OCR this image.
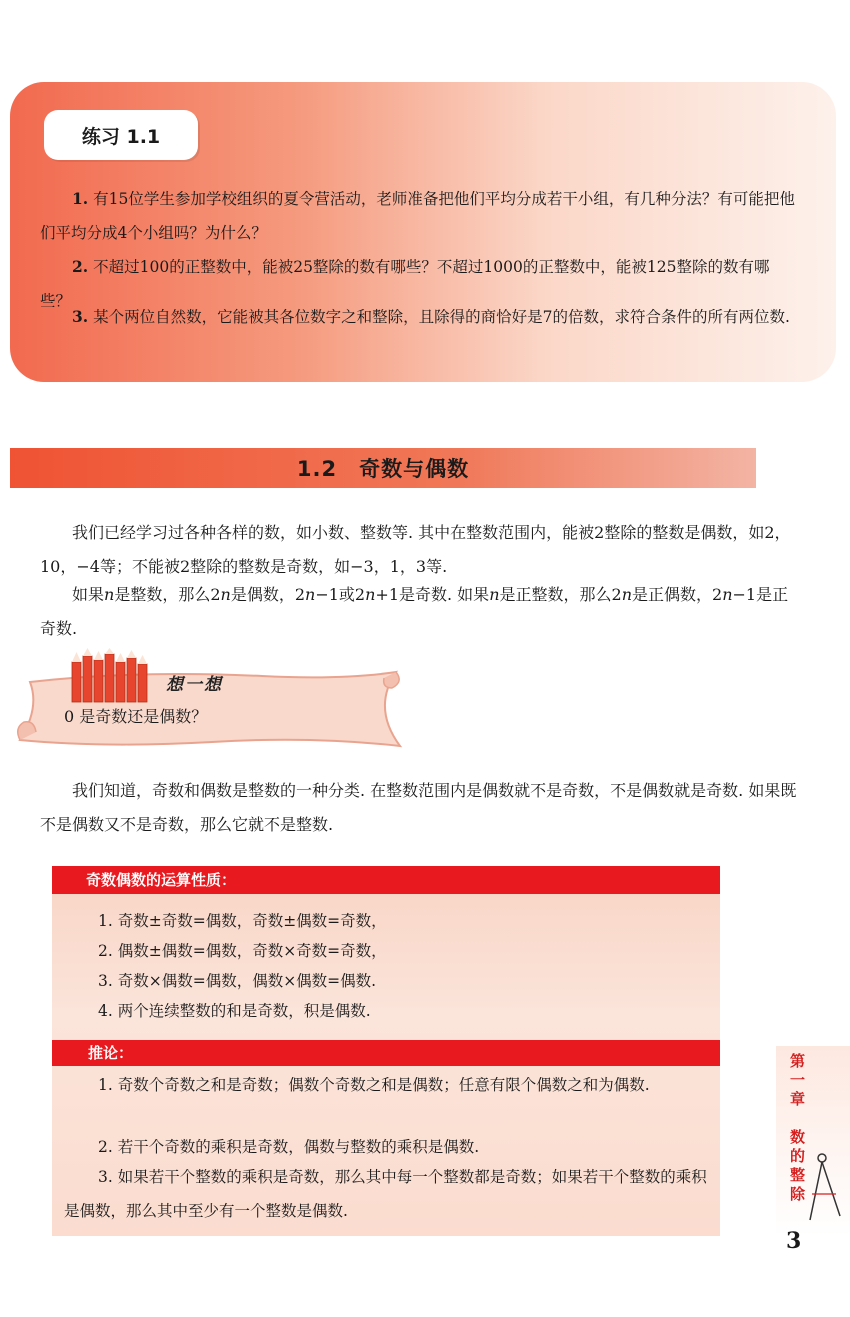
练习 1.1
1. 有15位学生参加学校组织的夏令营活动，老师准备把他们平均分成若干小组，有几种分法？有可能把他们平均分成4个小组吗？为什么？
2. 不超过100的正整数中，能被25整除的数有哪些？不超过1000的正整数中，能被125整除的数有哪些？
3. 某个两位自然数，它能被其各位数字之和整除，且除得的商恰好是7的倍数，求符合条件的所有两位数.
1.2　奇数与偶数
我们已经学习过各种各样的数，如小数、整数等. 其中在整数范围内，能被2整除的整数是偶数，如2，10，−4等；不能被2整除的整数是奇数，如−3，1，3等.
如果n是整数，那么2n是偶数，2n−1或2n+1是奇数. 如果n是正整数，那么2n是正偶数，2n−1是正奇数.
想一想
0 是奇数还是偶数？
我们知道，奇数和偶数是整数的一种分类. 在整数范围内是偶数就不是奇数，不是偶数就是奇数. 如果既不是偶数又不是奇数，那么它就不是整数.
奇数偶数的运算性质：
1. 奇数±奇数=偶数，奇数±偶数=奇数，
2. 偶数±偶数=偶数，奇数×奇数=奇数，
3. 奇数×偶数=偶数，偶数×偶数=偶数.
4. 两个连续整数的和是奇数，积是偶数.
推论：
1. 奇数个奇数之和是奇数；偶数个奇数之和是偶数；任意有限个偶数之和为偶数.
2. 若干个奇数的乘积是奇数，偶数与整数的乘积是偶数.
3. 如果若干个整数的乘积是奇数，那么其中每一个整数都是奇数；如果若干个整数的乘积是偶数，那么其中至少有一个整数是偶数.
第一章
数的整除
3
